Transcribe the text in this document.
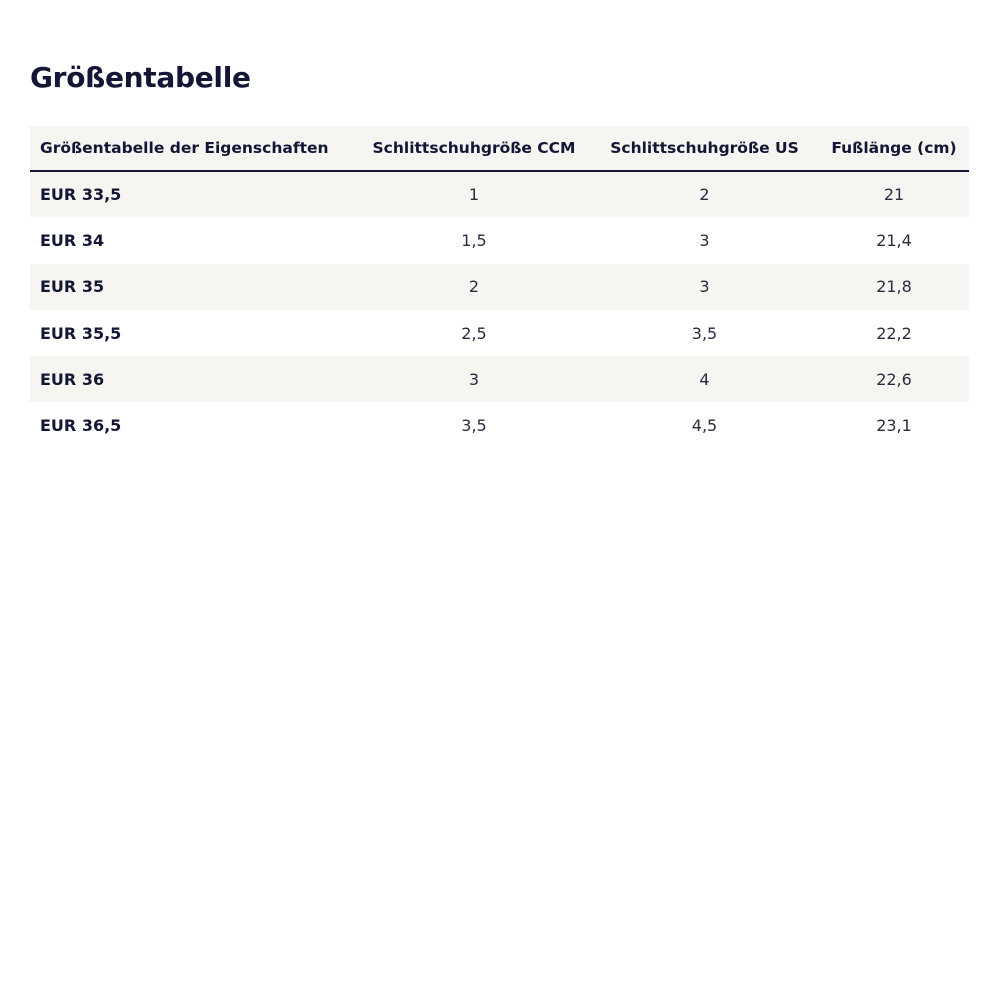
Größentabelle
Größentabelle der Eigenschaften	Schlittschuhgröße CCM	Schlittschuhgröße US	Fußlänge (cm)
EUR 33,5	1	2	21
EUR 34	1,5	3	21,4
EUR 35	2	3	21,8
EUR 35,5	2,5	3,5	22,2
EUR 36	3	4	22,6
EUR 36,5	3,5	4,5	23,1
